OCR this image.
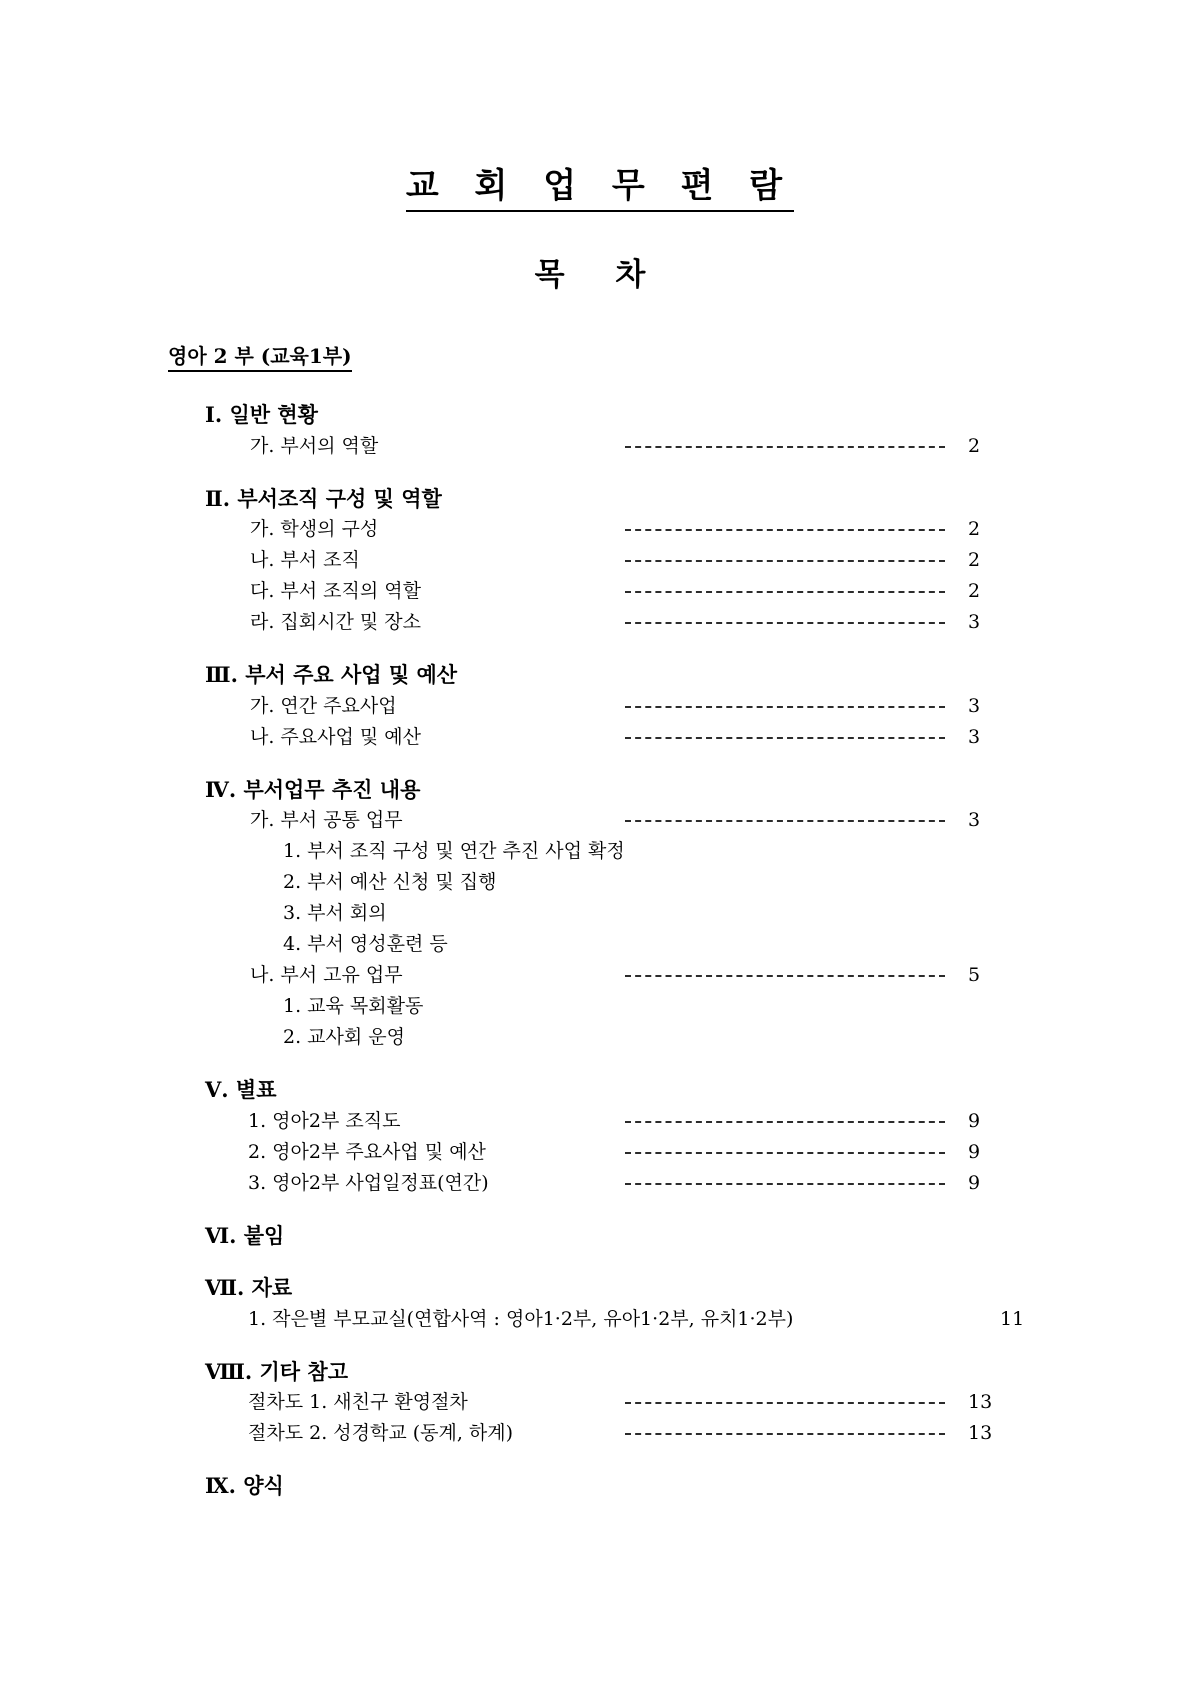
교 회 업 무 편 람
목 차
영아 2 부 (교육1부)
Ⅰ. 일반 현황
가. 부서의 역할	2
Ⅱ. 부서조직 구성 및 역할
가. 학생의 구성	2
나. 부서 조직	2
다. 부서 조직의 역할	2
라. 집회시간 및 장소	3
Ⅲ. 부서 주요 사업 및 예산
가. 연간 주요사업	3
나. 주요사업 및 예산	3
Ⅳ. 부서업무 추진 내용
가. 부서 공통 업무	3
1. 부서 조직 구성 및 연간 추진 사업 확정
2. 부서 예산 신청 및 집행
3. 부서 회의
4. 부서 영성훈련 등
나. 부서 고유 업무	5
1. 교육 목회활동
2. 교사회 운영
Ⅴ. 별표
1. 영아2부 조직도	9
2. 영아2부 주요사업 및 예산	9
3. 영아2부 사업일정표(연간)	9
Ⅵ. 붙임
Ⅶ. 자료
1. 작은별 부모교실(연합사역 : 영아1·2부, 유아1·2부, 유치1·2부)	11
Ⅷ. 기타 참고
절차도 1. 새친구 환영절차	13
절차도 2. 성경학교 (동계, 하계)	13
Ⅸ. 양식
